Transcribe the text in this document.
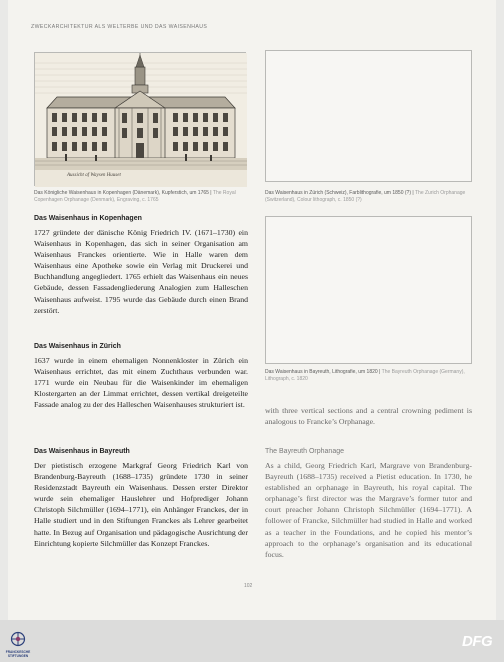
ZWECKARCHITEKTUR ALS WELTERBE UND DAS WAISENHAUS
Aussicht af Waysen Huuset
Das Königliche Waisenhaus in Kopenhagen (Dänemark), Kupferstich, um 1765 | The Royal Copenhagen Orphanage (Denmark), Engraving, c. 1765
Das Waisenhaus in Zürich (Schweiz), Farblithografie, um 1850 (?) | The Zurich Orphanage (Switzerland), Colour lithograph, c. 1850 (?)
Das Waisenhaus in Bayreuth, Lithografie, um 1820 | The Bayreuth Orphanage (Germany), Lithograph, c. 1820
Das Waisenhaus in Kopenhagen
1727 gründete der dänische König Friedrich IV. (1671–1730) ein Waisenhaus in Kopenhagen, das sich in seiner Organisation am Waisenhaus Franckes orientierte. Wie in Halle waren dem Waisenhaus eine Apotheke sowie ein Verlag mit Druckerei und Buchhandlung angegliedert. 1765 erhielt das Waisenhaus ein neues Gebäude, dessen Fassadengliederung Analogien zum Halleschen Waisenhaus aufweist. 1795 wurde das Gebäude durch einen Brand zerstört.
Das Waisenhaus in Zürich
1637 wurde in einem ehemaligen Nonnenkloster in Zürich ein Waisenhaus errichtet, das mit einem Zuchthaus verbunden war. 1771 wurde ein Neubau für die Waisenkinder im ehemaligen Klostergarten an der Limmat errichtet, dessen vertikal dreigeteilte Fassade analog zu der des Halleschen Waisenhauses strukturiert ist.
Das Waisenhaus in Bayreuth
Der pietistisch erzogene Markgraf Georg Friedrich Karl von Brandenburg-Bayreuth (1688–1735) gründete 1730 in seiner Residenzstadt Bayreuth ein Waisenhaus. Dessen erster Direktor wurde sein ehemaliger Hauslehrer und Hofprediger Johann Christoph Silchmüller (1694–1771), ein Anhänger Franckes, der in Halle studiert und in den Stiftungen Franckes als Lehrer gearbeitet hatte. In Bezug auf Organisation und pädagogische Ausrichtung der Einrichtung kopierte Silchmüller das Konzept Franckes.
with three vertical sections and a central crowning pediment is analogous to Francke’s Orphanage.
The Bayreuth Orphanage
As a child, Georg Friedrich Karl, Margrave von Brandenburg-Bayreuth (1688–1735) received a Pietist education. In 1730, he established an orphanage in Bayreuth, his royal capital. The orphanage’s first director was the Margrave’s former tutor and court preacher Johann Christoph Silchmüller (1694–1771). A follower of Francke, Silchmüller had studied in Halle and worked as a teacher in the Foundations, and he copied his mentor’s approach to the orphanage’s organisation and its educational focus.
102
FRANCKESCHE STIFTUNGEN
DFG
